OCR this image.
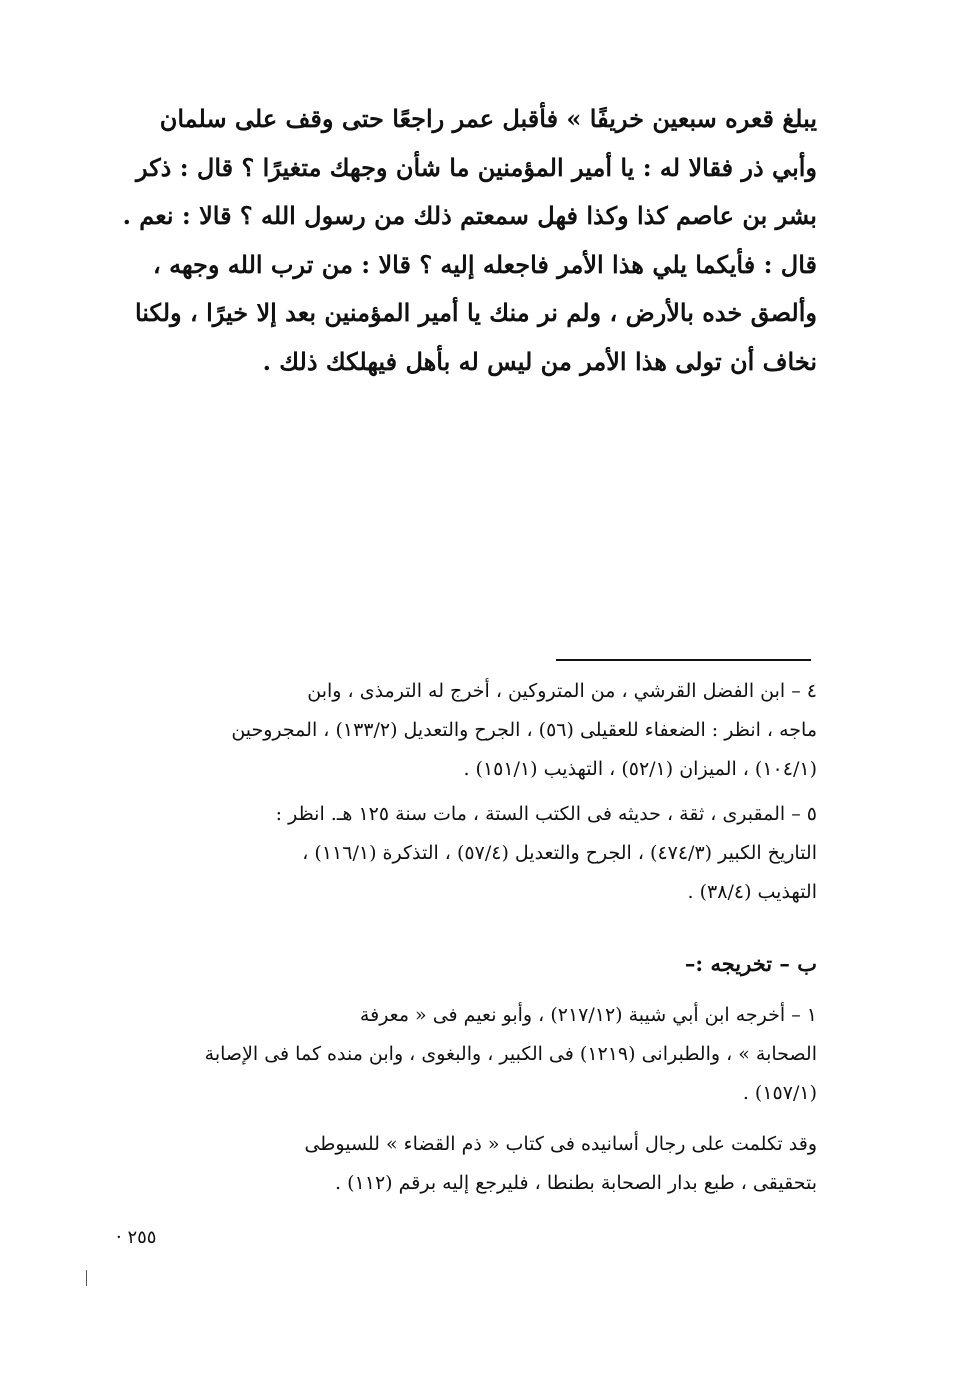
يبلغ قعره سبعين خريفًا » فأقبل عمر راجعًا حتى وقف على سلمان
وأبي ذر فقالا له : يا أمير المؤمنين ما شأن وجهك متغيرًا ؟ قال : ذكر
بشر بن عاصم كذا وكذا فهل سمعتم ذلك من رسول الله ؟ قالا : نعم .
قال : فأيكما يلي هذا الأمر فاجعله إليه ؟ قالا : من ترب الله وجهه ،
وألصق خده بالأرض ، ولم نر منك يا أمير المؤمنين بعد إلا خيرًا ، ولكنا
نخاف أن تولى هذا الأمر من ليس له بأهل فيهلكك ذلك .
٤ – ابن الفضل القرشي ، من المتروكين ، أخرج له الترمذى ، وابن
ماجه ، انظر : الضعفاء للعقيلى (٥٦) ، الجرح والتعديل (١٣٣/٢) ، المجروحين
(١٠٤/١) ، الميزان (٥٢/١) ، التهذيب (١٥١/١) .
٥ – المقبرى ، ثقة ، حديثه فى الكتب الستة ، مات سنة ١٢٥ هـ. انظر :
التاريخ الكبير (٤٧٤/٣) ، الجرح والتعديل (٥٧/٤) ، التذكرة (١١٦/١) ،
التهذيب (٣٨/٤) .
ب – تخريجه :–
١ – أخرجه ابن أبي شيبة (٢١٧/١٢) ، وأبو نعيم فى « معرفة
الصحابة » ، والطبرانى (١٢١٩) فى الكبير ، والبغوى ، وابن منده كما فى الإصابة
(١٥٧/١) .
وقد تكلمت على رجال أسانيده فى كتاب « ذم القضاء » للسيوطى
بتحقيقى ، طبع بدار الصحابة بطنطا ، فليرجع إليه برقم (١١٢) .
٢٥٥ ·
